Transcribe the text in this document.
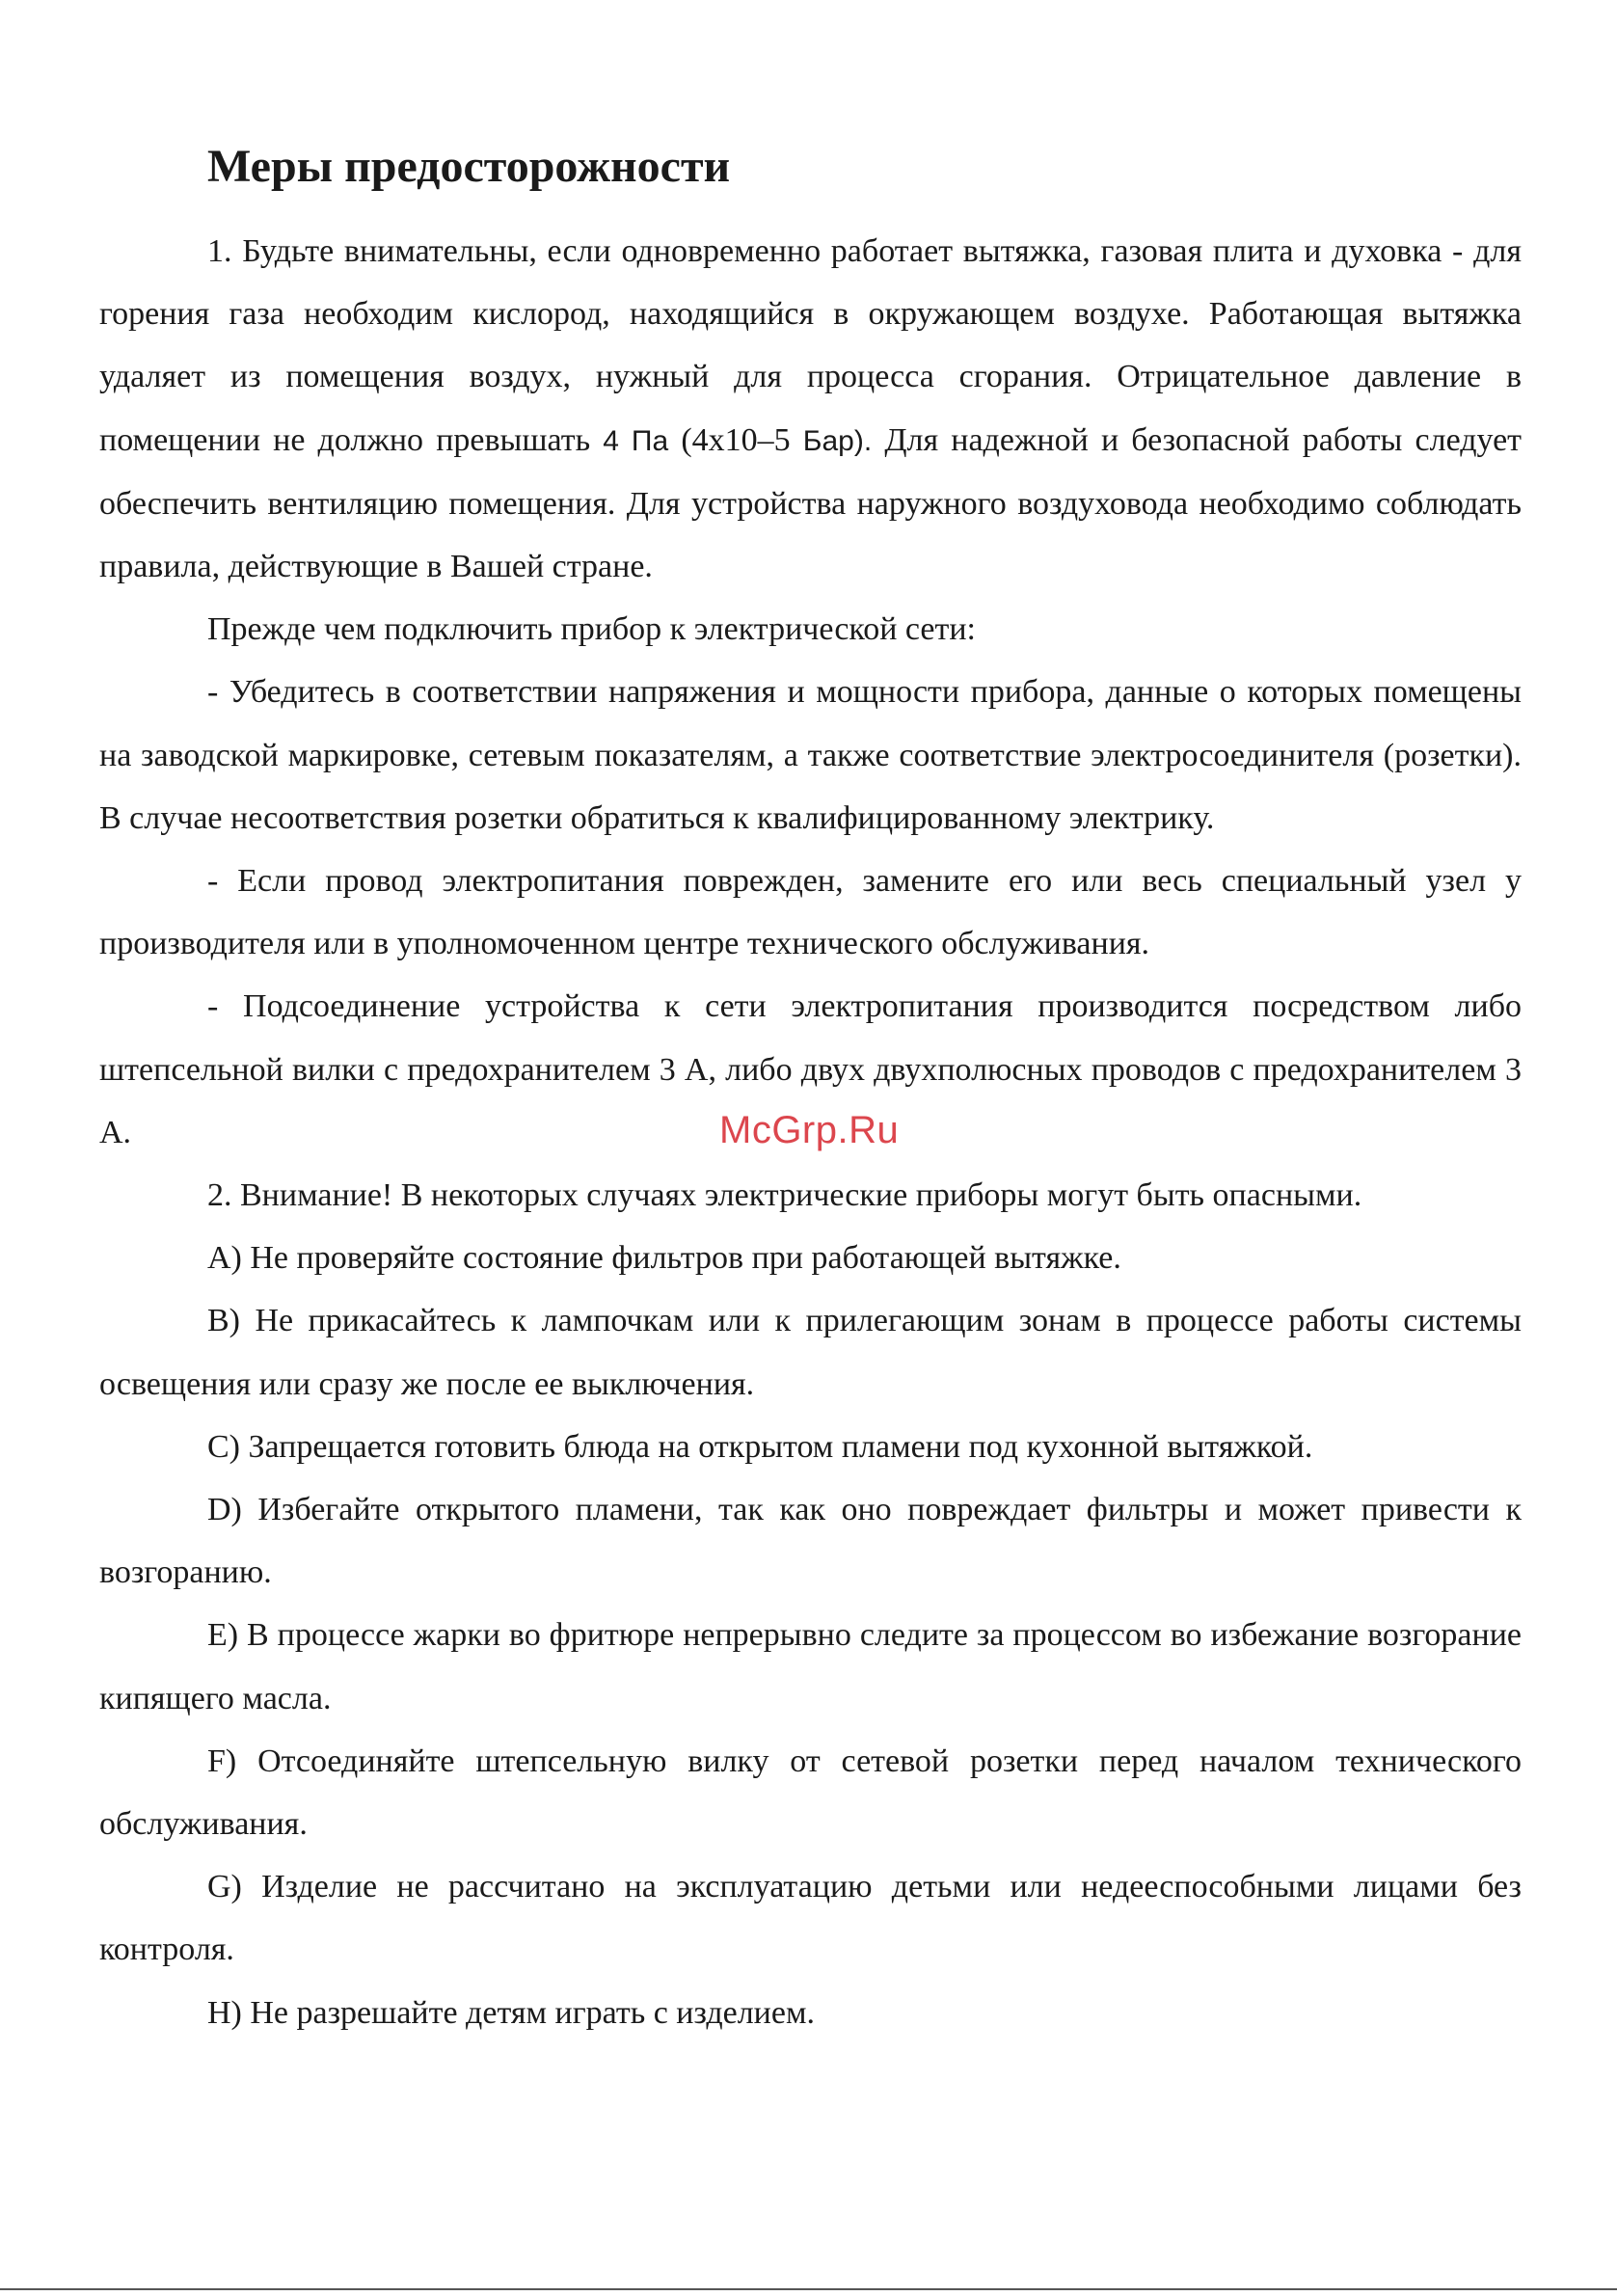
Меры предосторожности

1. Будьте внимательны, если одновременно работает вытяжка, газовая плита и духовка - для горения газа необходим кислород, находящийся в окружающем воздухе. Работающая вытяжка удаляет из помещения воздух, нужный для процесса сгорания. Отрицательное давление в помещении не должно превышать 4 Па (4x10–5 Бар). Для надежной и безопасной работы следует обеспечить вентиляцию помещения. Для устройства наружного воздуховода необходимо соблюдать правила, действующие в Вашей стране.

Прежде чем подключить прибор к электрической сети:

- Убедитесь в соответствии напряжения и мощности прибора, данные о которых помещены на заводской маркировке, сетевым показателям, а также соответствие электросоединителя (розетки). В случае несоответствия розетки обратиться к квалифицированному электрику.

- Если провод электропитания поврежден, замените его или весь специальный узел у производителя или в уполномоченном центре технического обслуживания.

- Подсоединение устройства к сети электропитания производится посредством либо штепсельной вилки с предохранителем 3 А, либо двух двухполюсных проводов с предохранителем 3 А.

2. Внимание! В некоторых случаях электрические приборы могут быть опасными.

A) Не проверяйте состояние фильтров при работающей вытяжке.

B) Не прикасайтесь к лампочкам или к прилегающим зонам в процессе работы системы освещения или сразу же после ее выключения.

C) Запрещается готовить блюда на открытом пламени под кухонной вытяжкой.

D) Избегайте открытого пламени, так как оно повреждает фильтры и может привести к возгоранию.

E) В процессе жарки во фритюре непрерывно следите за процессом во избежание возгорание кипящего масла.

F) Отсоединяйте штепсельную вилку от сетевой розетки перед началом технического обслуживания.

G) Изделие не рассчитано на эксплуатацию детьми или недееспособными лицами без контроля.

H) Не разрешайте детям играть с изделием.

McGrp.Ru
